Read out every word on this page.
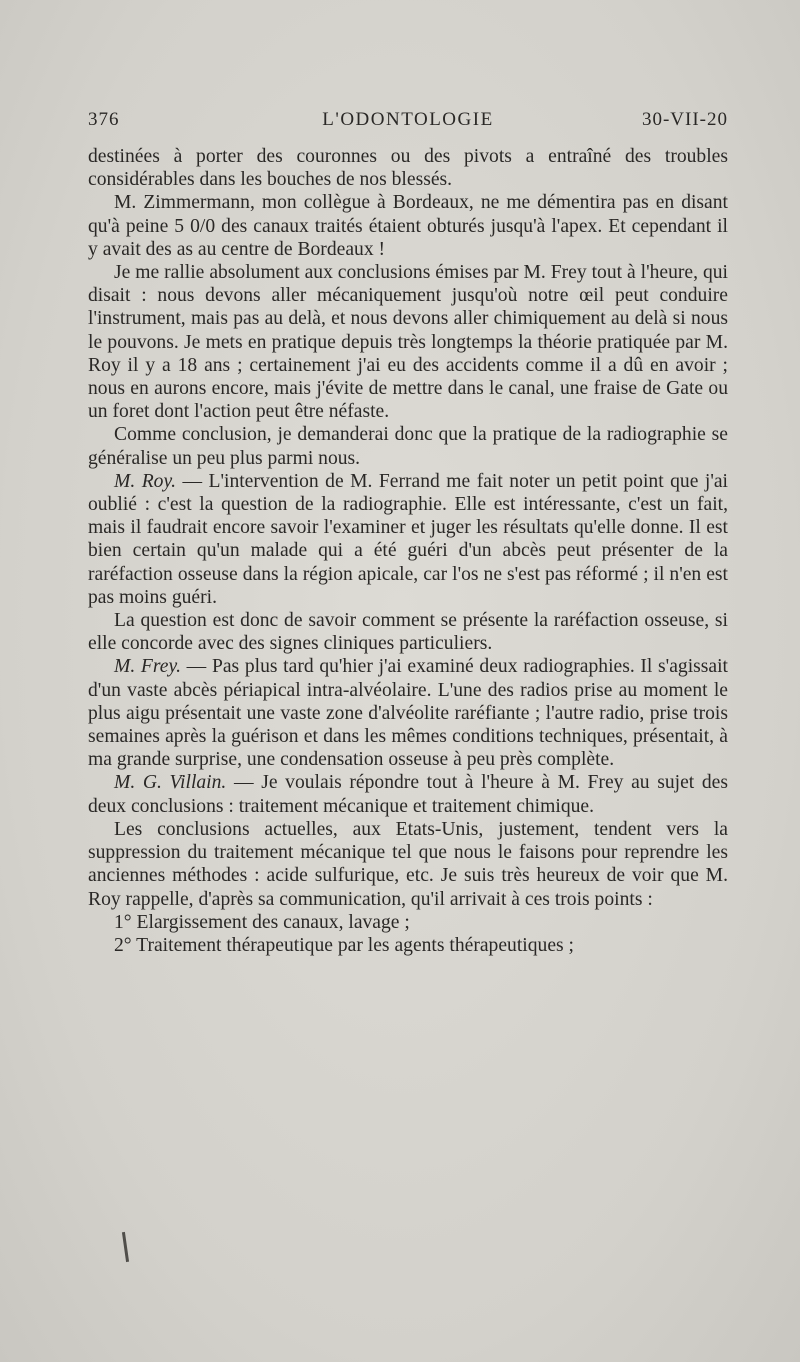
376	L'ODONTOLOGIE	30-VII-20

destinées à porter des couronnes ou des pivots a entraîné des troubles considérables dans les bouches de nos blessés.

M. Zimmermann, mon collègue à Bordeaux, ne me démentira pas en disant qu'à peine 5 0/0 des canaux traités étaient obturés jusqu'à l'apex. Et cependant il y avait des as au centre de Bordeaux !

Je me rallie absolument aux conclusions émises par M. Frey tout à l'heure, qui disait : nous devons aller mécaniquement jusqu'où notre œil peut conduire l'instrument, mais pas au delà, et nous devons aller chimiquement au delà si nous le pouvons. Je mets en pratique depuis très longtemps la théorie pratiquée par M. Roy il y a 18 ans ; certainement j'ai eu des accidents comme il a dû en avoir ; nous en aurons encore, mais j'évite de mettre dans le canal, une fraise de Gate ou un foret dont l'action peut être néfaste.

Comme conclusion, je demanderai donc que la pratique de la radiographie se généralise un peu plus parmi nous.

M. Roy. — L'intervention de M. Ferrand me fait noter un petit point que j'ai oublié : c'est la question de la radiographie. Elle est intéressante, c'est un fait, mais il faudrait encore savoir l'examiner et juger les résultats qu'elle donne. Il est bien certain qu'un malade qui a été guéri d'un abcès peut présenter de la raréfaction osseuse dans la région apicale, car l'os ne s'est pas réformé ; il n'en est pas moins guéri.

La question est donc de savoir comment se présente la raréfaction osseuse, si elle concorde avec des signes cliniques particuliers.

M. Frey. — Pas plus tard qu'hier j'ai examiné deux radiographies. Il s'agissait d'un vaste abcès périapical intra-alvéolaire. L'une des radios prise au moment le plus aigu présentait une vaste zone d'alvéolite raréfiante ; l'autre radio, prise trois semaines après la guérison et dans les mêmes conditions techniques, présentait, à ma grande surprise, une condensation osseuse à peu près complète.

M. G. Villain. — Je voulais répondre tout à l'heure à M. Frey au sujet des deux conclusions : traitement mécanique et traitement chimique.

Les conclusions actuelles, aux Etats-Unis, justement, tendent vers la suppression du traitement mécanique tel que nous le faisons pour reprendre les anciennes méthodes : acide sulfurique, etc. Je suis très heureux de voir que M. Roy rappelle, d'après sa communication, qu'il arrivait à ces trois points :

1° Elargissement des canaux, lavage ;

2° Traitement thérapeutique par les agents thérapeutiques ;
